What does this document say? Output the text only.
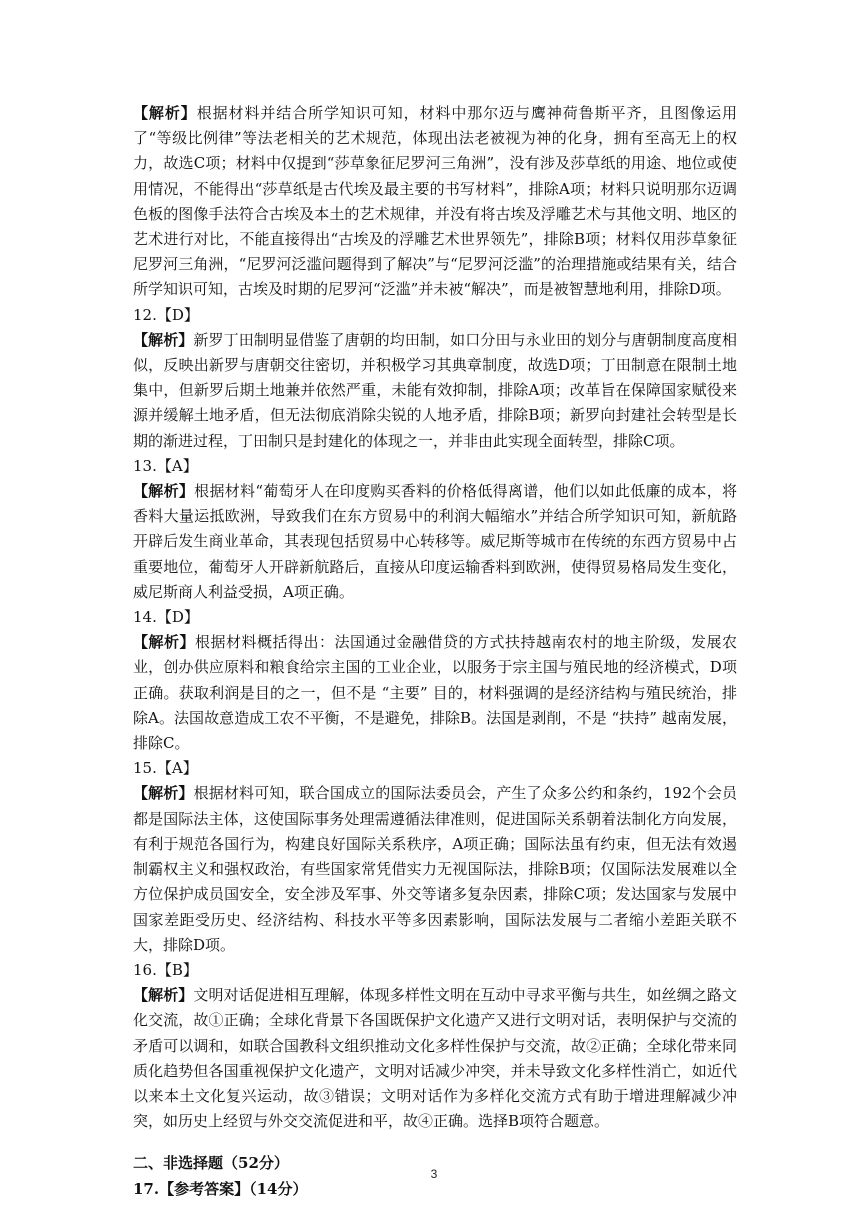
【解析】根据材料并结合所学知识可知，材料中那尔迈与鹰神荷鲁斯平齐，且图像运用了“等级比例律”等法老相关的艺术规范，体现出法老被视为神的化身，拥有至高无上的权力，故选C项；材料中仅提到“莎草象征尼罗河三角洲”，没有涉及莎草纸的用途、地位或使用情况，不能得出“莎草纸是古代埃及最主要的书写材料”，排除A项；材料只说明那尔迈调色板的图像手法符合古埃及本土的艺术规律，并没有将古埃及浮雕艺术与其他文明、地区的艺术进行对比，不能直接得出“古埃及的浮雕艺术世界领先”，排除B项；材料仅用莎草象征尼罗河三角洲，“尼罗河泛滥问题得到了解决”与“尼罗河泛滥”的治理措施或结果有关，结合所学知识可知，古埃及时期的尼罗河“泛滥”并未被“解决”，而是被智慧地利用，排除D项。

12.【D】

【解析】新罗丁田制明显借鉴了唐朝的均田制，如口分田与永业田的划分与唐朝制度高度相似，反映出新罗与唐朝交往密切，并积极学习其典章制度，故选D项；丁田制意在限制土地集中，但新罗后期土地兼并依然严重，未能有效抑制，排除A项；改革旨在保障国家赋役来源并缓解土地矛盾，但无法彻底消除尖锐的人地矛盾，排除B项；新罗向封建社会转型是长期的渐进过程，丁田制只是封建化的体现之一，并非由此实现全面转型，排除C项。

13.【A】

【解析】根据材料“葡萄牙人在印度购买香料的价格低得离谱，他们以如此低廉的成本，将香料大量运抵欧洲，导致我们在东方贸易中的利润大幅缩水”并结合所学知识可知，新航路开辟后发生商业革命，其表现包括贸易中心转移等。威尼斯等城市在传统的东西方贸易中占重要地位，葡萄牙人开辟新航路后，直接从印度运输香料到欧洲，使得贸易格局发生变化，威尼斯商人利益受损，A项正确。

14.【D】

【解析】根据材料概括得出：法国通过金融借贷的方式扶持越南农村的地主阶级，发展农业，创办供应原料和粮食给宗主国的工业企业，以服务于宗主国与殖民地的经济模式，D项正确。获取利润是目的之一，但不是 “主要” 目的，材料强调的是经济结构与殖民统治，排除A。法国故意造成工农不平衡，不是避免，排除B。法国是剥削，不是 “扶持” 越南发展，排除C。

15.【A】

【解析】根据材料可知，联合国成立的国际法委员会，产生了众多公约和条约，192个会员都是国际法主体，这使国际事务处理需遵循法律准则，促进国际关系朝着法制化方向发展，有利于规范各国行为，构建良好国际关系秩序，A项正确；国际法虽有约束，但无法有效遏制霸权主义和强权政治，有些国家常凭借实力无视国际法，排除B项；仅国际法发展难以全方位保护成员国安全，安全涉及军事、外交等诸多复杂因素，排除C项；发达国家与发展中国家差距受历史、经济结构、科技水平等多因素影响，国际法发展与二者缩小差距关联不大，排除D项。

16.【B】

【解析】文明对话促进相互理解，体现多样性文明在互动中寻求平衡与共生，如丝绸之路文化交流，故①正确；全球化背景下各国既保护文化遗产又进行文明对话，表明保护与交流的矛盾可以调和，如联合国教科文组织推动文化多样性保护与交流，故②正确；全球化带来同质化趋势但各国重视保护文化遗产，文明对话减少冲突，并未导致文化多样性消亡，如近代以来本土文化复兴运动，故③错误；文明对话作为多样化交流方式有助于增进理解减少冲突，如历史上经贸与外交交流促进和平，故④正确。选择B项符合题意。

二、非选择题（52分）

17.【参考答案】（14分）

3
